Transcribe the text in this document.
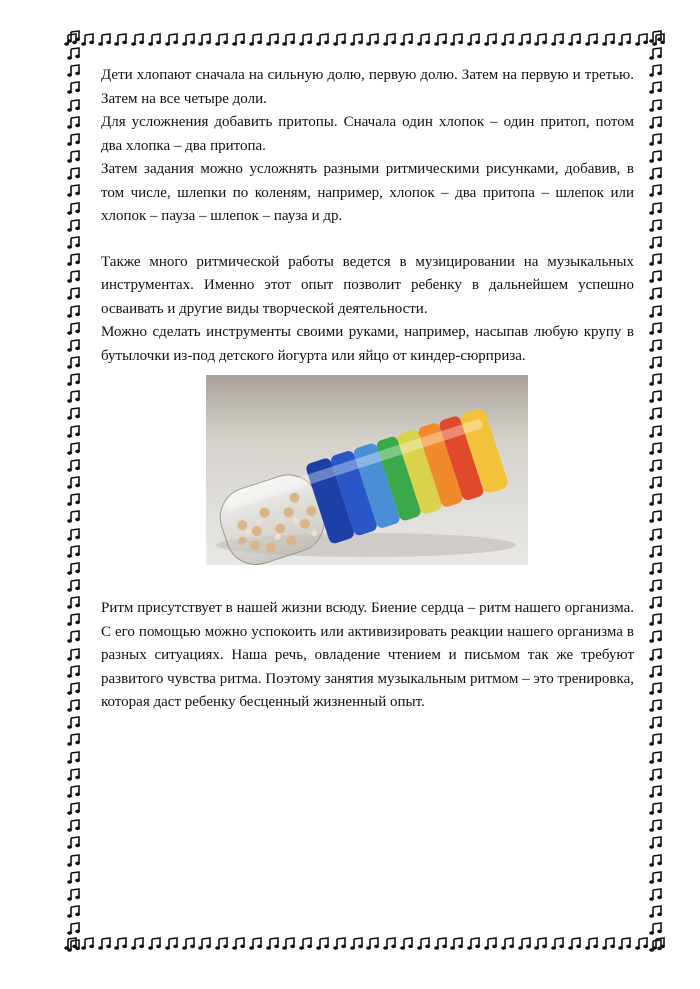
Дети хлопают сначала на сильную долю, первую долю. Затем на первую и третью. Затем на все четыре доли.

Для усложнения добавить притопы. Сначала один хлопок – один притоп, потом два хлопка – два притопа.

Затем задания можно усложнять разными ритмическими рисунками, добавив, в том числе, шлепки по коленям, например, хлопок – два притопа – шлепок или хлопок – пауза – шлепок – пауза и др.

Также много ритмической работы ведется в музицировании на музыкальных инструментах. Именно этот опыт позволит ребенку в дальнейшем успешно осваивать и другие виды творческой деятельности.

Можно сделать инструменты своими руками, например, насыпав любую крупу в бутылочки из-под детского йогурта или яйцо от киндер-сюрприза.

Ритм присутствует в нашей жизни всюду. Биение сердца – ритм нашего организма. С его помощью можно успокоить или активизировать реакции нашего организма в разных ситуациях. Наша речь, овладение чтением и письмом так же требуют развитого чувства ритма. Поэтому занятия музыкальным ритмом – это тренировка, которая даст ребенку бесценный жизненный опыт.
